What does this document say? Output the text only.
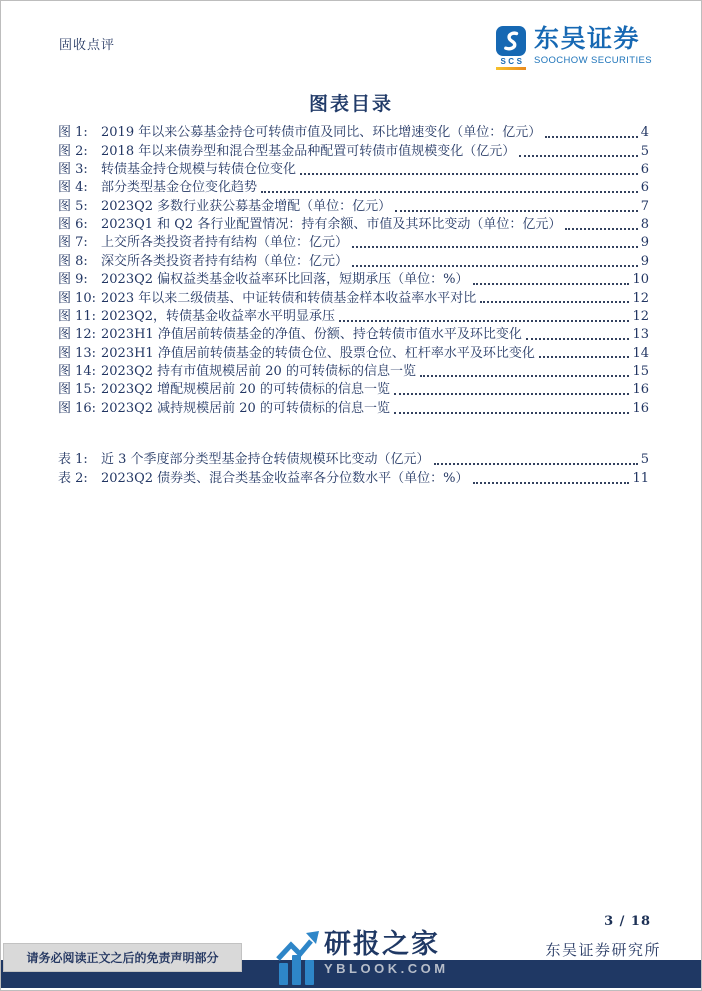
固收点评
SCS
东吴证券
SOOCHOW SECURITIES
图表目录
图 1:	2019 年以来公募基金持仓可转债市值及同比、环比增速变化（单位：亿元）	4
图 2:	2018 年以来债券型和混合型基金品种配置可转债市值规模变化（亿元）	5
图 3:	转债基金持仓规模与转债仓位变化	6
图 4:	部分类型基金仓位变化趋势	6
图 5:	2023Q2 多数行业获公募基金增配（单位：亿元）	7
图 6:	2023Q1 和 Q2 各行业配置情况：持有余额、市值及其环比变动（单位：亿元）	8
图 7:	上交所各类投资者持有结构（单位：亿元）	9
图 8:	深交所各类投资者持有结构（单位：亿元）	9
图 9:	2023Q2 偏权益类基金收益率环比回落，短期承压（单位：%）	10
图 10: 2023 年以来二级债基、中证转债和转债基金样本收益率水平对比	12
图 11: 2023Q2，转债基金收益率水平明显承压	12
图 12: 2023H1 净值居前转债基金的净值、份额、持仓转债市值水平及环比变化	13
图 13: 2023H1 净值居前转债基金的转债仓位、股票仓位、杠杆率水平及环比变化	14
图 14: 2023Q2 持有市值规模居前 20 的可转债标的信息一览	15
图 15: 2023Q2 增配规模居前 20 的可转债标的信息一览	16
图 16: 2023Q2 减持规模居前 20 的可转债标的信息一览	16
表 1:	近 3 个季度部分类型基金持仓转债规模环比变动（亿元）	5
表 2:	2023Q2 债券类、混合类基金收益率各分位数水平（单位：%）	11
3 / 18
东吴证券研究所
请务必阅读正文之后的免责声明部分	研报之家
YBLOOK.COM
